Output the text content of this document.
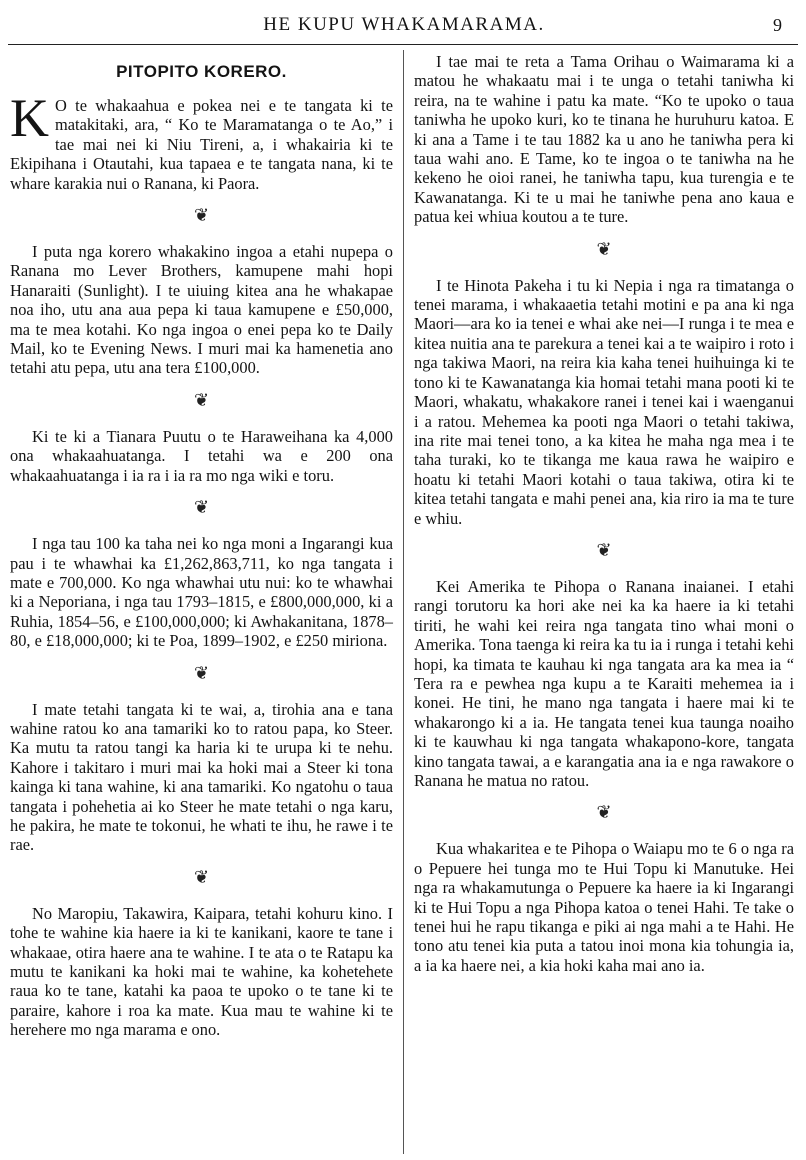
HE KUPU WHAKAMARAMA.	9
PITOPITO KORERO.
K O te whakaahua e pokea nei e te tangata ki te matakitaki, ara, “ Ko te Maramatanga o te Ao,” i tae mai nei ki Niu Tireni, a, i whakairia ki te Ekipihana i Otautahi, kua tapaea e te tangata nana, ki te whare karakia nui o Ranana, ki Paora.

❦

I puta nga korero whakakino ingoa a etahi nupepa o Ranana mo Lever Brothers, kamupene mahi hopi Hanaraiti (Sunlight). I te uiuing kitea ana he whakapae noa iho, utu ana aua pepa ki taua kamupene e £50,000, ma te mea kotahi. Ko nga ingoa o enei pepa ko te Daily Mail, ko te Evening News. I muri mai ka hamenetia ano tetahi atu pepa, utu ana tera £100,000.

❦

Ki te ki a Tianara Puutu o te Haraweihana ka 4,000 ona whakaahuatanga. I tetahi wa e 200 ona whakaahuatanga i ia ra i ia ra mo nga wiki e toru.

❦

I nga tau 100 ka taha nei ko nga moni a Ingarangi kua pau i te whawhai ka £1,262,863,711, ko nga tangata i mate e 700,000. Ko nga whawhai utu nui: ko te whawhai ki a Neporiana, i nga tau 1793–1815, e £800,000,000, ki a Ruhia, 1854–56, e £100,000,000; ki Awhakanitana, 1878–80, e £18,000,000; ki te Poa, 1899–1902, e £250 miriona.

❦

I mate tetahi tangata ki te wai, a, tirohia ana e tana wahine ratou ko ana tamariki ko to ratou papa, ko Steer. Ka mutu ta ratou tangi ka haria ki te urupa ki te nehu. Kahore i takitaro i muri mai ka hoki mai a Steer ki tona kainga ki tana wahine, ki ana tamariki. Ko ngatohu o taua tangata i pohehetia ai ko Steer he mate tetahi o nga karu, he pakira, he mate te tokonui, he whati te ihu, he rawe i te rae.

❦

No Maropiu, Takawira, Kaipara, tetahi kohuru kino. I tohe te wahine kia haere ia ki te kanikani, kaore te tane i whakaae, otira haere ana te wahine. I te ata o te Ratapu ka mutu te kanikani ka hoki mai te wahine, ka kohetehete raua ko te tane, katahi ka paoa te upoko o te tane ki te paraire, kahore i roa ka mate. Kua mau te wahine ki te herehere mo nga marama e ono.

I tae mai te reta a Tama Orihau o Waimarama ki a matou he whakaatu mai i te unga o tetahi taniwha ki reira, na te wahine i patu ka mate. “Ko te upoko o taua taniwha he upoko kuri, ko te tinana he huruhuru katoa. E ki ana a Tame i te tau 1882 ka u ano he taniwha pera ki taua wahi ano. E Tame, ko te ingoa o te taniwha na he kekeno he oioi ranei, he taniwha tapu, kua turengia e te Kawanatanga. Ki te u mai he taniwhe pena ano kaua e patua kei whiua koutou a te ture.

❦

I te Hinota Pakeha i tu ki Nepia i nga ra timatanga o tenei marama, i whakaaetia tetahi motini e pa ana ki nga Maori—ara ko ia tenei e whai ake nei—I runga i te mea e kitea nuitia ana te parekura a tenei kai a te waipiro i roto i nga takiwa Maori, na reira kia kaha tenei huihuinga ki te tono ki te Kawanatanga kia homai tetahi mana pooti ki te Maori, whakatu, whakakore ranei i tenei kai i waenganui i a ratou. Mehemea ka pooti nga Maori o tetahi takiwa, ina rite mai tenei tono, a ka kitea he maha nga mea i te taha turaki, ko te tikanga me kaua rawa he waipiro e hoatu ki tetahi Maori kotahi o taua takiwa, otira ki te kitea tetahi tangata e mahi penei ana, kia riro ia ma te ture e whiu.

❦

Kei Amerika te Pihopa o Ranana inaianei. I etahi rangi torutoru ka hori ake nei ka ka haere ia ki tetahi tiriti, he wahi kei reira nga tangata tino whai moni o Amerika. Tona taenga ki reira ka tu ia i runga i tetahi kehi hopi, ka timata te kauhau ki nga tangata ara ka mea ia “ Tera ra e pewhea nga kupu a te Karaiti mehemea ia i konei. He tini, he mano nga tangata i haere mai ki te whakarongo ki a ia. He tangata tenei kua taunga noaiho ki te kauwhau ki nga tangata whakapono-kore, tangata kino tangata tawai, a e karangatia ana ia e nga rawakore o Ranana he matua no ratou.

❦

Kua whakaritea e te Pihopa o Waiapu mo te 6 o nga ra o Pepuere hei tunga mo te Hui Topu ki Manutuke. Hei nga ra whakamutunga o Pepuere ka haere ia ki Ingarangi ki te Hui Topu a nga Pihopa katoa o tenei Hahi. Te take o tenei hui he rapu tikanga e piki ai nga mahi a te Hahi. He tono atu tenei kia puta a tatou inoi mona kia tohungia ia, a ia ka haere nei, a kia hoki kaha mai ano ia.
